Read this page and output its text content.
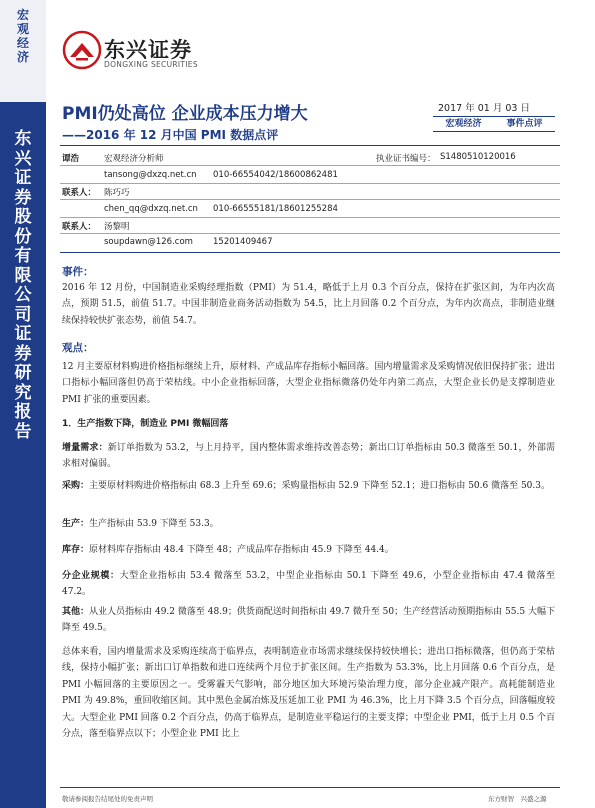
宏观经济
东兴证券股份有限公司证券研究报告
东兴证券
DONGXING SECURITIES
PMI仍处高位 企业成本压力增大
——2016 年 12 月中国 PMI 数据点评
2017 年 01 月 03 日
宏观经济	事件点评
谭浩	宏观经济分析师	执业证书编号： S1480510120016
tansong@dxzq.net.cn 010-66554042/18600862481
联系人： 陈巧巧
chen_qq@dxzq.net.cn 010-66555181/18601255284
联系人： 汤黎明
soupdawn@126.com 15201409467
事件：
2016 年 12 月份，中国制造业采购经理指数（PMI）为 51.4，略低于上月 0.3 个百分点，保持在扩张区间，为年内次高点，预期 51.5，前值 51.7。中国非制造业商务活动指数为 54.5，比上月回落 0.2 个百分点，为年内次高点，非制造业继续保持较快扩张态势，前值 54.7。
观点：
12 月主要原材料购进价格指标继续上升，原材料、产成品库存指标小幅回落。国内增量需求及采购情况依旧保持扩张；进出口指标小幅回落但仍高于荣枯线。中小企业指标回落，大型企业指标微落仍处年内第二高点，大型企业长仍是支撑制造业 PMI 扩张的重要因素。
1．生产指数下降，制造业 PMI 微幅回落
增量需求：新订单指数为 53.2，与上月持平，国内整体需求维持改善态势；新出口订单指标由 50.3 微落至 50.1，外部需求相对偏弱。
采购：主要原材料购进价格指标由 68.3 上升至 69.6；采购量指标由 52.9 下降至 52.1；进口指标由 50.6 微落至 50.3。
生产：生产指标由 53.9 下降至 53.3。
库存：原材料库存指标由 48.4 下降至 48；产成品库存指标由 45.9 下降至 44.4。
分企业规模：大型企业指标由 53.4 微落至 53.2，中型企业指标由 50.1 下降至 49.6，小型企业指标由 47.4 微落至 47.2。
其他：从业人员指标由 49.2 微落至 48.9；供货商配送时间指标由 49.7 微升至 50；生产经营活动预期指标由 55.5 大幅下降至 49.5。
总体来看，国内增量需求及采购连续高于临界点，表明制造业市场需求继续保持较快增长；进出口指标微落，但仍高于荣枯线，保持小幅扩张；新出口订单指数和进口连续两个月位于扩张区间。生产指数为 53.3%，比上月回落 0.6 个百分点，是 PMI 小幅回落的主要原因之一。受雾霾天气影响，部分地区加大环境污染治理力度，部分企业减产限产。高耗能制造业 PMI 为 49.8%，重回收缩区间。其中黑色金属冶炼及压延加工业 PMI 为 46.3%，比上月下降 3.5 个百分点，回落幅度较大。大型企业 PMI 回落 0.2 个百分点，仍高于临界点，是制造业平稳运行的主要支撑；中型企业 PMI，低于上月 0.5 个百分点，落至临界点以下；小型企业 PMI 比上
敬请参阅报告结尾处的免责声明	东方财智　兴盛之源
